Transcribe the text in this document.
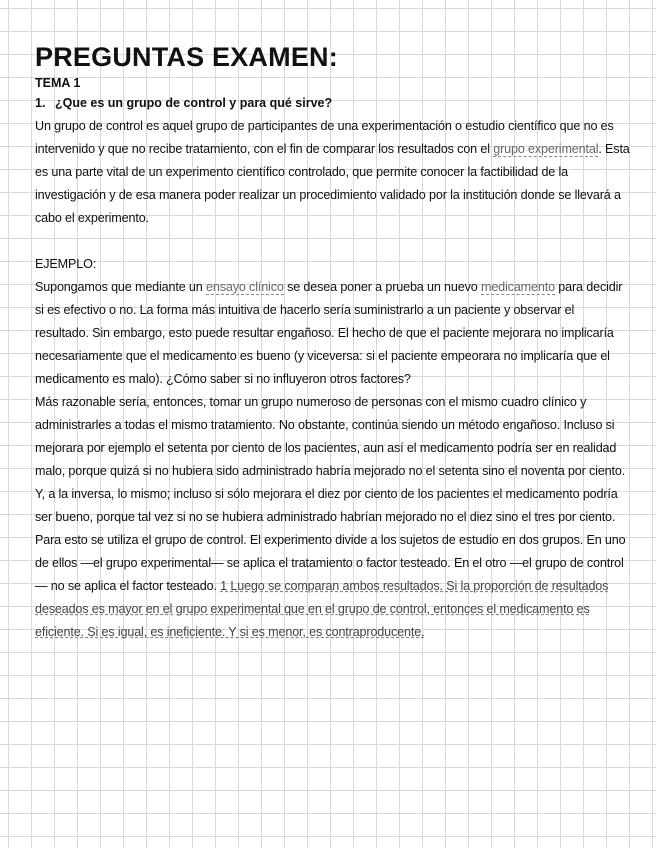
PREGUNTAS EXAMEN:
TEMA 1
1. ¿Que es un grupo de control y para qué sirve?

Un grupo de control es aquel grupo de participantes de una experimentación o estudio científico que no es intervenido y que no recibe tratamiento, con el fin de comparar los resultados con el grupo experimental. Esta es una parte vital de un experimento científico controlado, que permite conocer la factibilidad de la investigación y de esa manera poder realizar un procedimiento validado por la institución donde se llevará a cabo el experimento.

EJEMPLO:

Supongamos que mediante un ensayo clínico se desea poner a prueba un nuevo medicamento para decidir si es efectivo o no. La forma más intuitiva de hacerlo sería suministrarlo a un paciente y observar el resultado. Sin embargo, esto puede resultar engañoso. El hecho de que el paciente mejorara no implicaría necesariamente que el medicamento es bueno (y viceversa: si el paciente empeorara no implicaría que el medicamento es malo). ¿Cómo saber si no influyeron otros factores?

Más razonable sería, entonces, tomar un grupo numeroso de personas con el mismo cuadro clínico y administrarles a todas el mismo tratamiento. No obstante, continúa siendo un método engañoso. Incluso si mejorara por ejemplo el setenta por ciento de los pacientes, aun así el medicamento podría ser en realidad malo, porque quizá si no hubiera sido administrado habría mejorado no el setenta sino el noventa por ciento. Y, a la inversa, lo mismo; incluso si sólo mejorara el diez por ciento de los pacientes el medicamento podría ser bueno, porque tal vez si no se hubiera administrado habrían mejorado no el diez sino el tres por ciento.

Para esto se utiliza el grupo de control. El experimento divide a los sujetos de estudio en dos grupos. En uno de ellos —el grupo experimental— se aplica el tratamiento o factor testeado. En el otro —el grupo de control— no se aplica el factor testeado. 1 Luego se comparan ambos resultados. Si la proporción de resultados deseados es mayor en el grupo experimental que en el grupo de control, entonces el medicamento es eficiente. Si es igual, es ineficiente. Y si es menor, es contraproducente.
